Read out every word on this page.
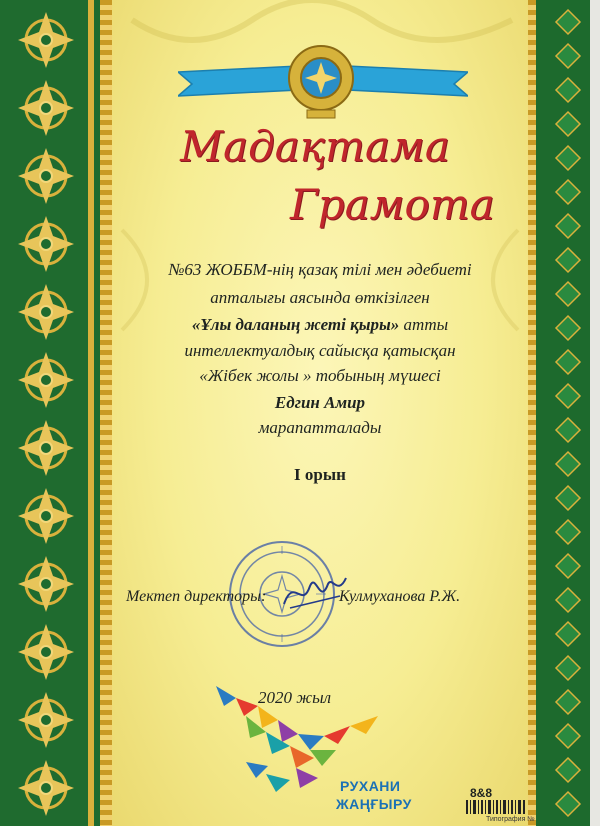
Мадақтама
Грамота
№63 ЖОББМ-нің қазақ тілі мен әдебиеті
апталығы аясында өткізілген
«Ұлы даланың жеті қыры» атты
интеллектуалдық сайысқа қатысқан
«Жібек жолы » тобының мүшесі
Едгин Амир
марапатталады
I орын
Мектеп директоры:	Кулмуханова Р.Ж.
2020 жыл
РУХАНИ
ЖАҢҒЫРУ
8&8
Типография №
